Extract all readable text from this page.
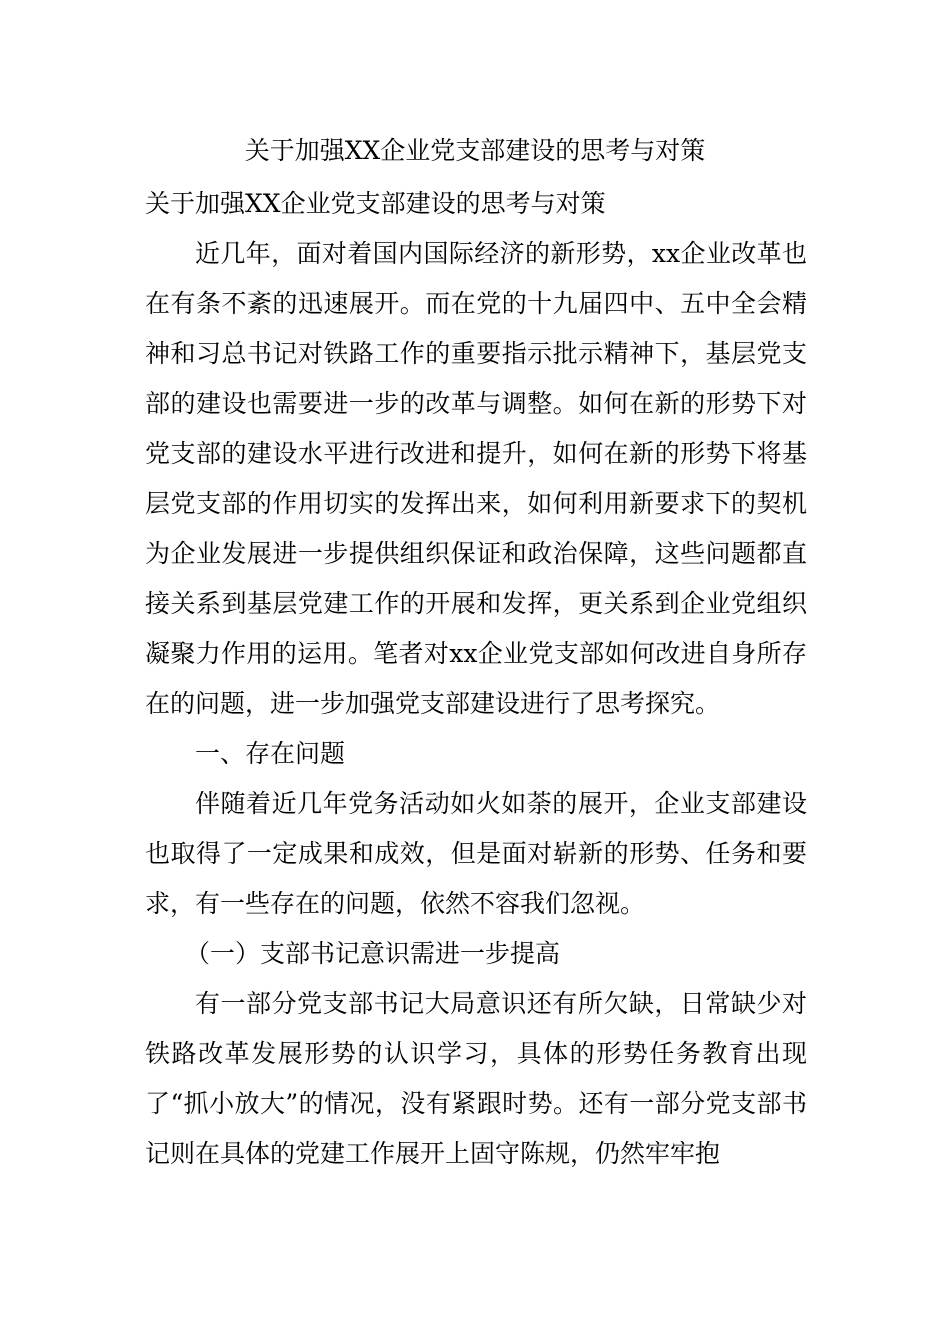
关于加强XX企业党支部建设的思考与对策

关于加强XX企业党支部建设的思考与对策

近几年，面对着国内国际经济的新形势，xx企业改革也在有条不紊的迅速展开。而在党的十九届四中、五中全会精神和习总书记对铁路工作的重要指示批示精神下，基层党支部的建设也需要进一步的改革与调整。如何在新的形势下对党支部的建设水平进行改进和提升，如何在新的形势下将基层党支部的作用切实的发挥出来，如何利用新要求下的契机为企业发展进一步提供组织保证和政治保障，这些问题都直接关系到基层党建工作的开展和发挥，更关系到企业党组织凝聚力作用的运用。笔者对xx企业党支部如何改进自身所存在的问题，进一步加强党支部建设进行了思考探究。

一、存在问题

伴随着近几年党务活动如火如荼的展开，企业支部建设也取得了一定成果和成效，但是面对崭新的形势、任务和要求，有一些存在的问题，依然不容我们忽视。

（一）支部书记意识需进一步提高

有一部分党支部书记大局意识还有所欠缺，日常缺少对铁路改革发展形势的认识学习，具体的形势任务教育出现了“抓小放大”的情况，没有紧跟时势。还有一部分党支部书记则在具体的党建工作展开上固守陈规，仍然牢牢抱
